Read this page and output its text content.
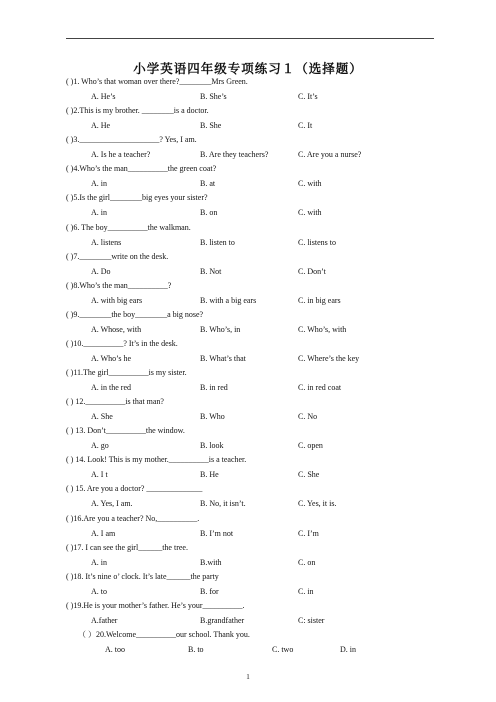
小学英语四年级专项练习１（选择题）
( )1. Who’s that woman over there?________Mrs Green.
A. He’s	B. She’s	C. It’s
( )2.This is my brother. ________is a doctor.
A. He	B. She	C. It
( )3.____________________? Yes, I am.
A. Is he a teacher?	B. Are they teachers?	C. Are you a nurse?
( )4.Who’s the man__________the green coat?
A. in	B. at	C. with
( )5.Is the girl________big eyes your sister?
A. in	B. on	C. with
( )6. The boy__________the walkman.
A. listens	B. listen to	C. listens to
( )7.________write on the desk.
A. Do	B. Not	C. Don’t
( )8.Who’s the man__________?
A. with big ears	B. with a big ears	C. in big ears
( )9.________the boy________a big nose?
A. Whose, with	B. Who’s, in	C. Who’s, with
( )10.__________? It’s in the desk.
A. Who’s he	B. What’s that	C. Where’s the key
( )11.The girl__________is my sister.
A. in the red	B. in red	C. in red coat
( ) 12.__________is that man?
A. She	B. Who	C. No
( ) 13. Don’t__________the window.
A. go	B. look	C. open
( ) 14. Look! This is my mother.__________is a teacher.
A. I t	B. He	C. She
( ) 15. Are you a doctor? ______________
A. Yes, I am.	B. No, it isn’t.	C. Yes, it is.
( )16.Are you a teacher? No,__________.
A. I am	B. I’m not	C. I’m
( )17. I can see the girl______the tree.
A. in	B.with	C. on
( )18. It’s nine o’ clock. It’s late______the party
A. to	B. for	C. in
( )19.He is your mother’s father. He’s your__________.
A.father	B.grandfather	C: sister
（ ）20.Welcome__________our school. Thank you.
A. too	B. to	C. two	D. in
1
